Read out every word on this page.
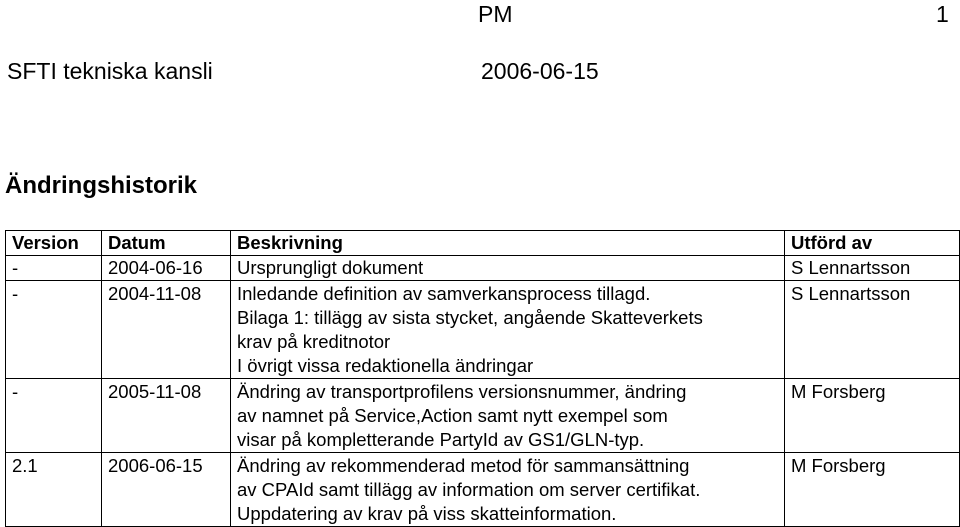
PM	1
SFTI tekniska kansli	2006-06-15
Ändringshistorik
Version	Datum	Beskrivning	Utförd av
-	2004-06-16	Ursprungligt dokument	S Lennartsson
-	2004-11-08	Inledande definition av samverkansprocess tillagd.
Bilaga 1: tillägg av sista stycket, angående Skatteverkets
krav på kreditnotor
I övrigt vissa redaktionella ändringar	S Lennartsson
-	2005-11-08	Ändring av transportprofilens versionsnummer, ändring
av namnet på Service,Action samt nytt exempel som
visar på kompletterande PartyId av GS1/GLN-typ.	M Forsberg
2.1	2006-06-15	Ändring av rekommenderad metod för sammansättning
av CPAId samt tillägg av information om server certifikat.
Uppdatering av krav på viss skatteinformation.	M Forsberg
